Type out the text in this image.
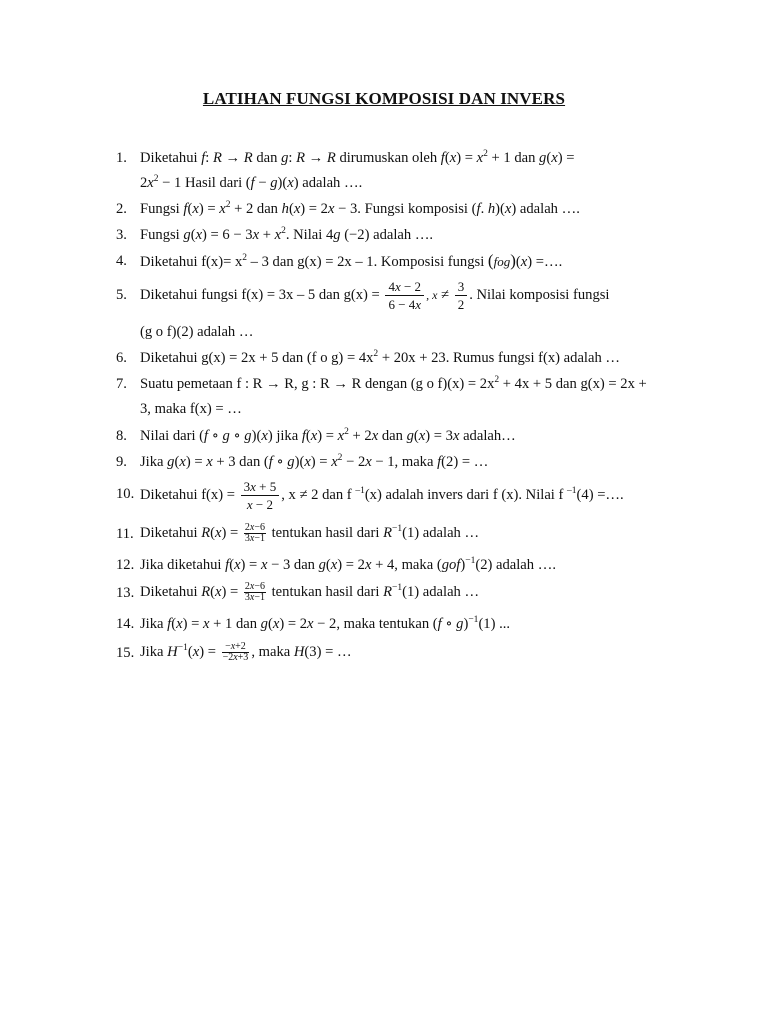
LATIHAN FUNGSI KOMPOSISI DAN INVERS
1. Diketahui f: R → R dan g: R → R dirumuskan oleh $f(x) = x^2 + 1$ dan g(x) =
$2x^2 - 1$ Hasil dari (f − g)(x) adalah ….
2. Fungsi $f(x) = x^2 + 2$ dan h(x) = 2x − 3. Fungsi komposisi (f. h)(x) adalah ….
3. Fungsi $g(x) = 6 - 3x + x^2$. Nilai 4g (−2) adalah ….
4. Diketahui $f(x)= x^2 - 3$ dan g(x) = 2x – 1. Komposisi fungsi (fog)(x) =….
5. Diketahui fungsi f(x) = 3x – 5 dan $g(x) = \frac{4x - 2}{6 - 4x}$ , $x \ne \frac{3}{2}$ . Nilai komposisi fungsi
(g o f)(2) adalah …
6. Diketahui g(x) = 2x + 5 dan (f o $g) = 4x^2 + 20x + 23$. Rumus fungsi f(x) adalah …
7. Suatu pemetaan f : R → R, g : R → R dengan (g o $f)(x) = 2x^2 + 4x + 5$ dan g(x) = 2x +
3, maka f(x) = …
8. Nilai dari (f ∘ g ∘ g)(x) jika $f(x) = x^2 + 2x$ dan g(x) = 3x adalah…
9. Jika g(x) = x + 3 dan (f ∘ $g)(x) = x^2 - 2x - 1$, maka f(2) = …
10. Diketahui $f(x) = \frac{3x + 5}{x - 2}$ , x ≠ 2 dan f $^{-1}$(x) adalah invers dari f (x). Nilai f $^{-1}$(4) =….
11. Diketahui $R(x) = \frac{2x-6}{3x-1}$ tentukan hasil dari $R^{-1}(1)$ adalah …
12. Jika diketahui f(x) = x − 3 dan g(x) = 2x + 4, maka (gof)$^{-1}$(2) adalah ….
13. Diketahui $R(x) = \frac{2x-6}{3x-1}$ tentukan hasil dari $R^{-1}(1)$ adalah …
14. Jika f(x) = x + 1 dan g(x) = 2x − 2, maka tentukan (f ∘ g)$^{-1}$(1) ...
15. Jika $H^{-1}(x) = \frac{-x+2}{-2x+3}$ , maka H(3) = …
